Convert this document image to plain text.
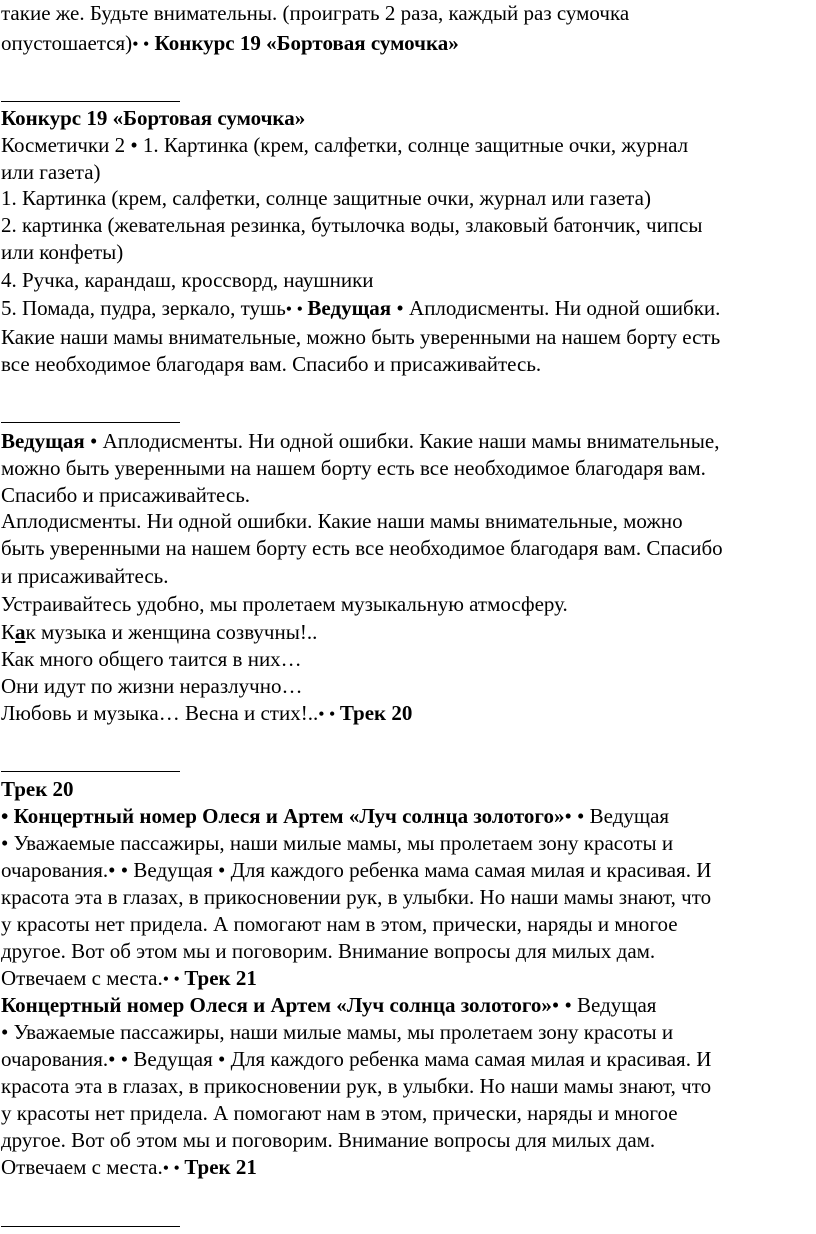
такие же. Будьте внимательны. (проиграть 2 раза, каждый раз сумочка
опустошается)• • Конкурс 19 «Бортовая сумочка»
Конкурс 19 «Бортовая сумочка»
Косметички 2 • 1. Картинка (крем, салфетки, солнце защитные очки, журнал
или газета)
1. Картинка (крем, салфетки, солнце защитные очки, журнал или газета)
2. картинка (жевательная резинка, бутылочка воды, злаковый батончик, чипсы
или конфеты)
4. Ручка, карандаш, кроссворд, наушники
5. Помада, пудра, зеркало, тушь• • Ведущая • Аплодисменты. Ни одной ошибки.
Какие наши мамы внимательные, можно быть уверенными на нашем борту есть
все необходимое благодаря вам. Спасибо и присаживайтесь.
Ведущая • Аплодисменты. Ни одной ошибки. Какие наши мамы внимательные,
можно быть уверенными на нашем борту есть все необходимое благодаря вам.
Спасибо и присаживайтесь.
Аплодисменты. Ни одной ошибки. Какие наши мамы внимательные, можно
быть уверенными на нашем борту есть все необходимое благодаря вам. Спасибо
и присаживайтесь.
Устраивайтесь удобно, мы пролетаем музыкальную атмосферу.
Как музыка и женщина созвучны!..
Как много общего таится в них…
Они идут по жизни неразлучно…
Любовь и музыка… Весна и стих!..• • Трек 20
Трек 20
• Концертный номер Олеся и Артем «Луч солнца золотого»• • Ведущая
• Уважаемые пассажиры, наши милые мамы, мы пролетаем зону красоты и
очарования.• • Ведущая • Для каждого ребенка мама самая милая и красивая. И
красота эта в глазах, в прикосновении рук, в улыбки. Но наши мамы знают, что
у красоты нет придела. А помогают нам в этом, прически, наряды и многое
другое. Вот об этом мы и поговорим. Внимание вопросы для милых дам.
Отвечаем с места.• • Трек 21
Концертный номер Олеся и Артем «Луч солнца золотого»• • Ведущая
• Уважаемые пассажиры, наши милые мамы, мы пролетаем зону красоты и
очарования.• • Ведущая • Для каждого ребенка мама самая милая и красивая. И
красота эта в глазах, в прикосновении рук, в улыбки. Но наши мамы знают, что
у красоты нет придела. А помогают нам в этом, прически, наряды и многое
другое. Вот об этом мы и поговорим. Внимание вопросы для милых дам.
Отвечаем с места.• • Трек 21
